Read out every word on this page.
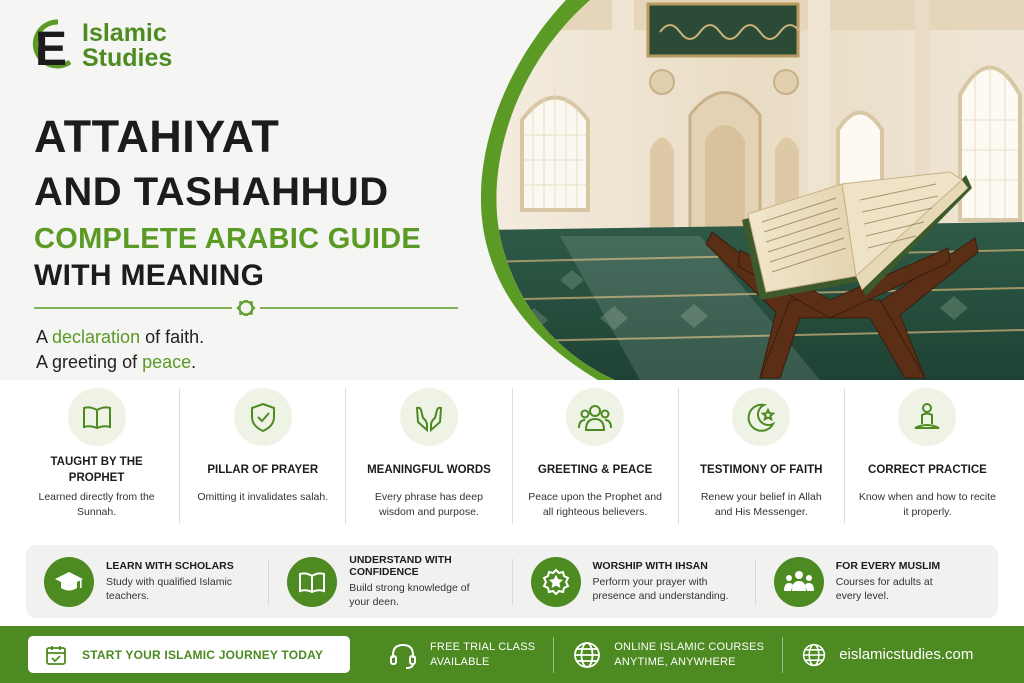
E Islamic
Studies
ATTAHIYAT
AND TASHAHHUD
COMPLETE ARABIC GUIDE
WITH MEANING
A declaration of faith.
A greeting of peace.
TAUGHT BY THE PROPHET
Learned directly from the Sunnah.
PILLAR OF PRAYER
Omitting it invalidates salah.
MEANINGFUL WORDS
Every phrase has deep wisdom and purpose.
GREETING & PEACE
Peace upon the Prophet and all righteous believers.
TESTIMONY OF FAITH
Renew your belief in Allah and His Messenger.
CORRECT PRACTICE
Know when and how to recite it properly.
LEARN WITH SCHOLARS
Study with qualified Islamic teachers.
UNDERSTAND WITH CONFIDENCE
Build strong knowledge of your deen.
WORSHIP WITH IHSAN
Perform your prayer with presence and understanding.
FOR EVERY MUSLIM
Courses for adults at every level.
START YOUR ISLAMIC JOURNEY TODAY
FREE TRIAL CLASS
AVAILABLE
ONLINE ISLAMIC COURSES
ANYTIME, ANYWHERE	eislamicstudies.com
